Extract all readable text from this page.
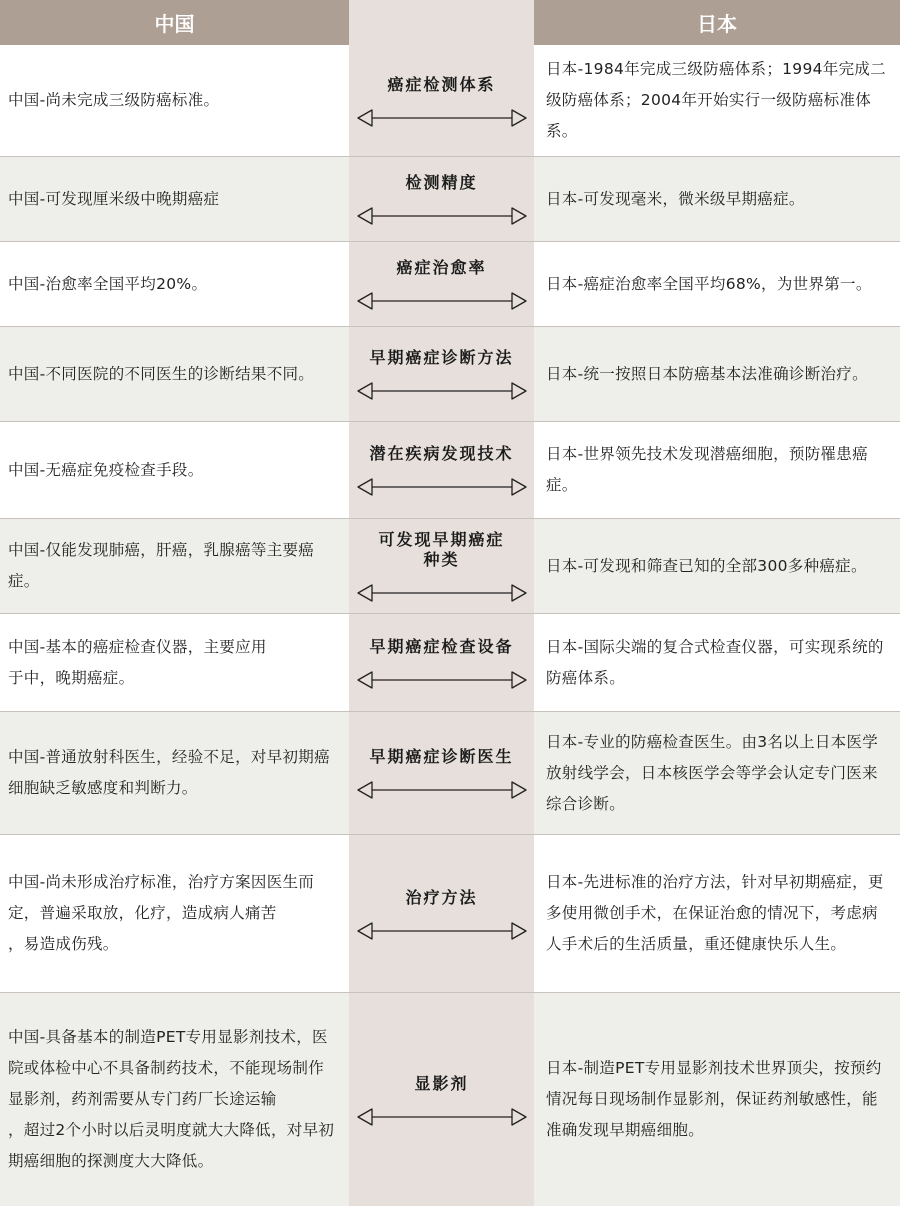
中国	日本
中国-尚未完成三级防癌标准。
癌症检测体系
日本-1984年完成三级防癌体系；1994年完成二级防癌体系；2004年开始实行一级防癌标准体系。
中国-可发现厘米级中晚期癌症
检测精度
日本-可发现毫米，微米级早期癌症。
中国-治愈率全国平均20%。
癌症治愈率
日本-癌症治愈率全国平均68%，为世界第一。
中国-不同医院的不同医生的诊断结果不同。
早期癌症诊断方法
日本-统一按照日本防癌基本法准确诊断治疗。
中国-无癌症免疫检查手段。
潜在疾病发现技术 日本-世界领先技术发现潜癌细胞，预防罹患癌症。
中国-仅能发现肺癌，肝癌，乳腺癌等主要癌症。
可发现早期癌症
种类	日本-可发现和筛查已知的全部300多种癌症。
中国-基本的癌症检查仪器，主要应用
于中，晚期癌症。
早期癌症检查设备 日本-国际尖端的复合式检查仪器，可实现系统的防癌体系。
中国-普通放射科医生，经验不足，对早初期癌细胞缺乏敏感度和判断力。
早期癌症诊断医生
日本-专业的防癌检查医生。由3名以上日本医学放射线学会，日本核医学会等学会认定专门医来综合诊断。
中国-尚未形成治疗标准，治疗方案因医生而定，普遍采取放，化疗，造成病人痛苦
，易造成伤残。
治疗方法
日本-先进标准的治疗方法，针对早初期癌症，更多使用微创手术，在保证治愈的情况下，考虑病人手术后的生活质量，重还健康快乐人生。
中国-具备基本的制造PET专用显影剂技术，医院或体检中心不具备制药技术，不能现场制作显影剂，药剂需要从专门药厂长途运输
，超过2个小时以后灵明度就大大降低，对早初期癌细胞的探测度大大降低。
显影剂
日本-制造PET专用显影剂技术世界顶尖，按预约情况每日现场制作显影剂，保证药剂敏感性，能准确发现早期癌细胞。
